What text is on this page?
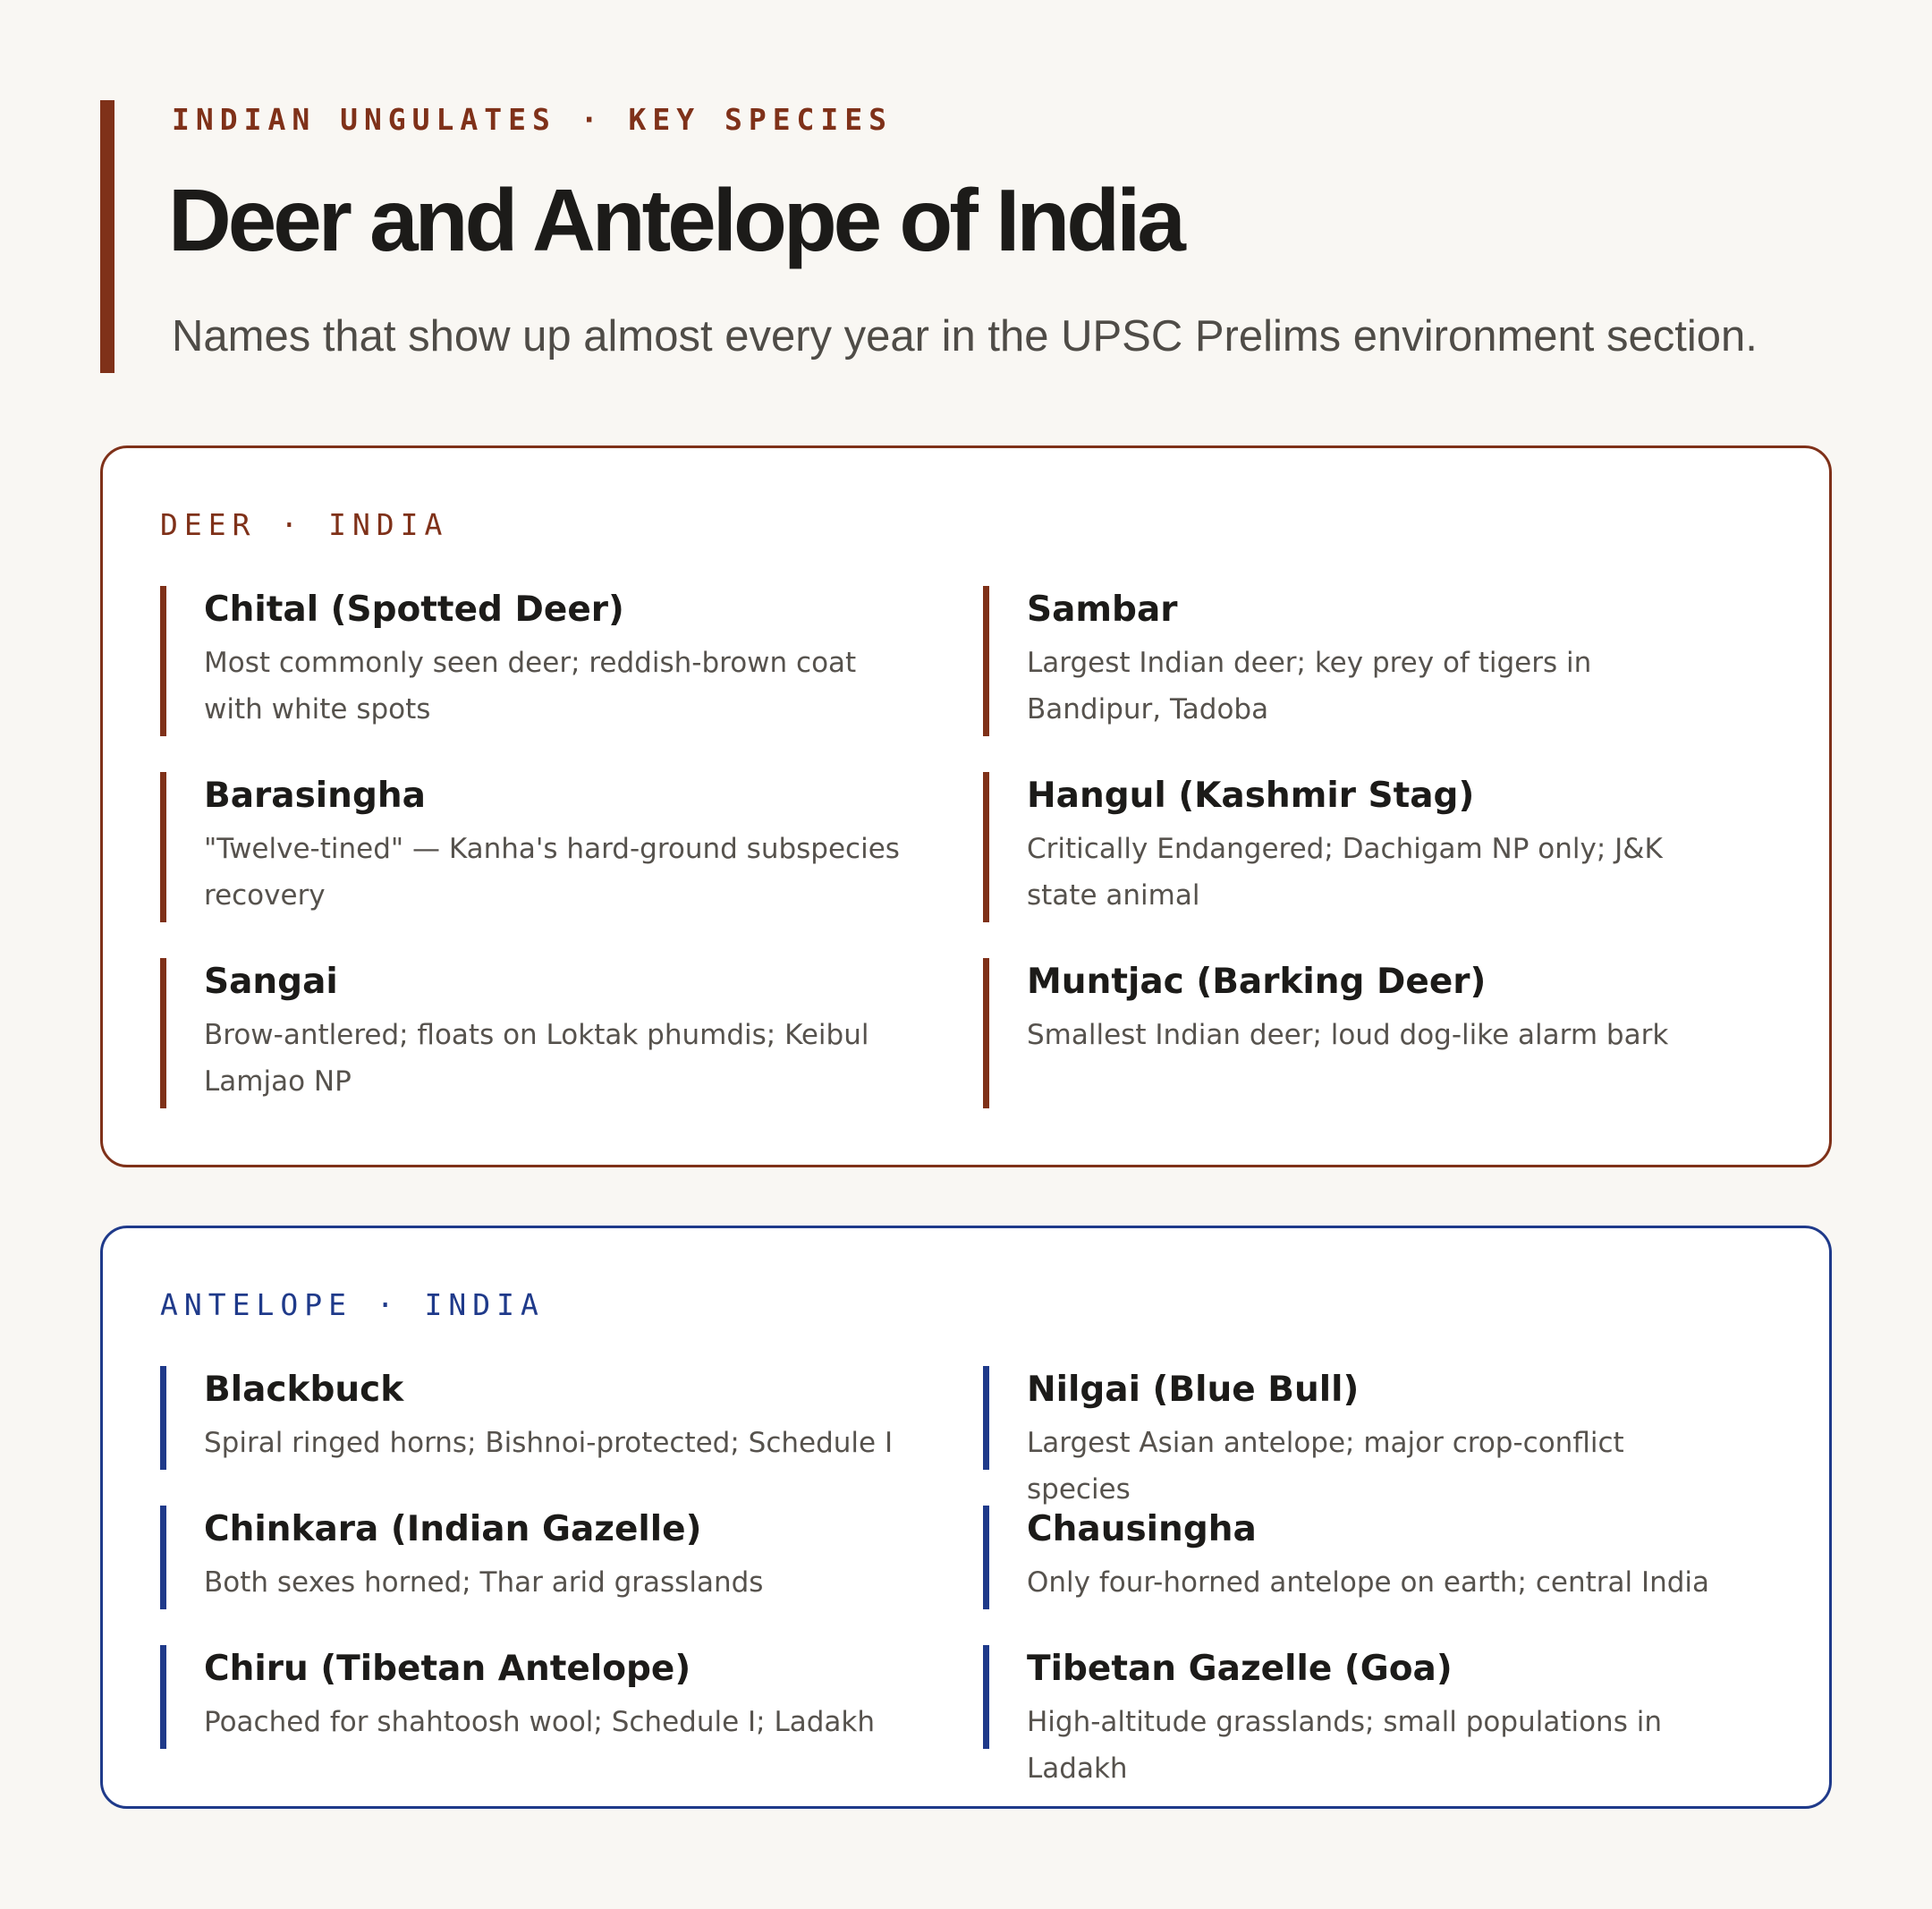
INDIAN UNGULATES · KEY SPECIES
Deer and Antelope of India
Names that show up almost every year in the UPSC Prelims environment section.
DEER · INDIA
Chital (Spotted Deer)
Most commonly seen deer; reddish-brown coat with white spots
Sambar
Largest Indian deer; key prey of tigers in Bandipur, Tadoba
Barasingha
"Twelve-tined" — Kanha's hard-ground subspecies recovery
Hangul (Kashmir Stag)
Critically Endangered; Dachigam NP only; J&K state animal
Sangai
Brow-antlered; floats on Loktak phumdis; Keibul Lamjao NP
Muntjac (Barking Deer)
Smallest Indian deer; loud dog-like alarm bark
ANTELOPE · INDIA
Blackbuck
Spiral ringed horns; Bishnoi-protected; Schedule I
Nilgai (Blue Bull)
Largest Asian antelope; major crop-conflict species
Chinkara (Indian Gazelle)
Both sexes horned; Thar arid grasslands
Chausingha
Only four-horned antelope on earth; central India
Chiru (Tibetan Antelope)
Poached for shahtoosh wool; Schedule I; Ladakh
Tibetan Gazelle (Goa)
High-altitude grasslands; small populations in Ladakh
